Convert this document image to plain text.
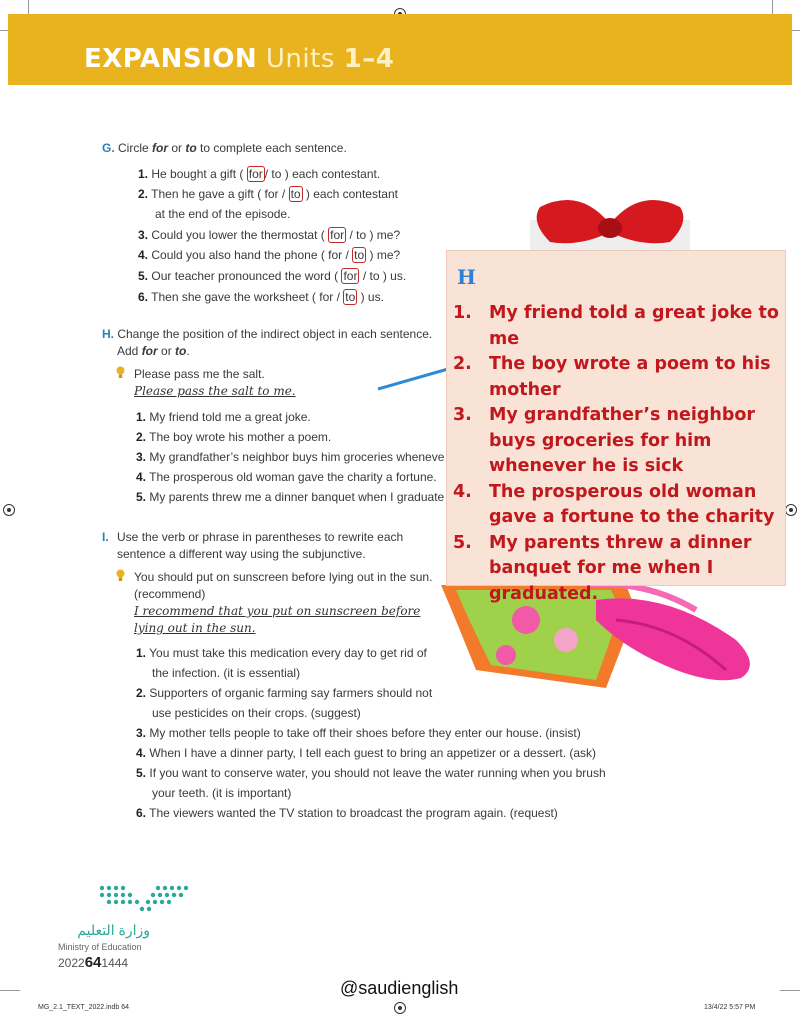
EXPANSION Units 1–4
G. Circle for or to to complete each sentence.
1. He bought a gift ( for / to ) each contestant.
2. Then he gave a gift ( for / to ) each contestant
at the end of the episode.
3. Could you lower the thermostat ( for / to ) me?
4. Could you also hand the phone ( for / to ) me?
5. Our teacher pronounced the word ( for / to ) us.
6. Then she gave the worksheet ( for / to ) us.
H. Change the position of the indirect object in each sentence.
Add for or to.
Please pass me the salt.
Please pass the salt to me.
1. My friend told me a great joke.
2. The boy wrote his mother a poem.
3. My grandfather’s neighbor buys him groceries wheneve
4. The prosperous old woman gave the charity a fortune.
5. My parents threw me a dinner banquet when I graduate
I. Use the verb or phrase in parentheses to rewrite each
sentence a different way using the subjunctive.
You should put on sunscreen before lying out in the sun.
(recommend)
I recommend that you put on sunscreen before
lying out in the sun.
1. You must take this medication every day to get rid of
the infection. (it is essential)
2. Supporters of organic farming say farmers should not
use pesticides on their crops. (suggest)
3. My mother tells people to take off their shoes before they enter our house. (insist)
4. When I have a dinner party, I tell each guest to bring an appetizer or a dessert. (ask)
5. If you want to conserve water, you should not leave the water running when you brush
your teeth. (it is important)
6. The viewers wanted the TV station to broadcast the program again. (request)
H
1. My friend told a great joke to me
2. The boy wrote a poem to his mother
3. My grandfather’s neighbor buys groceries for him whenever he is sick
4. The prosperous old woman gave a fortune to the charity
5. My parents threw a dinner banquet for me when I graduated.
وزارة التعليم
Ministry of Education
2022641444
@saudienglish
MG_2.1_TEXT_2022.indb 64	13/4/22 5:57 PM
